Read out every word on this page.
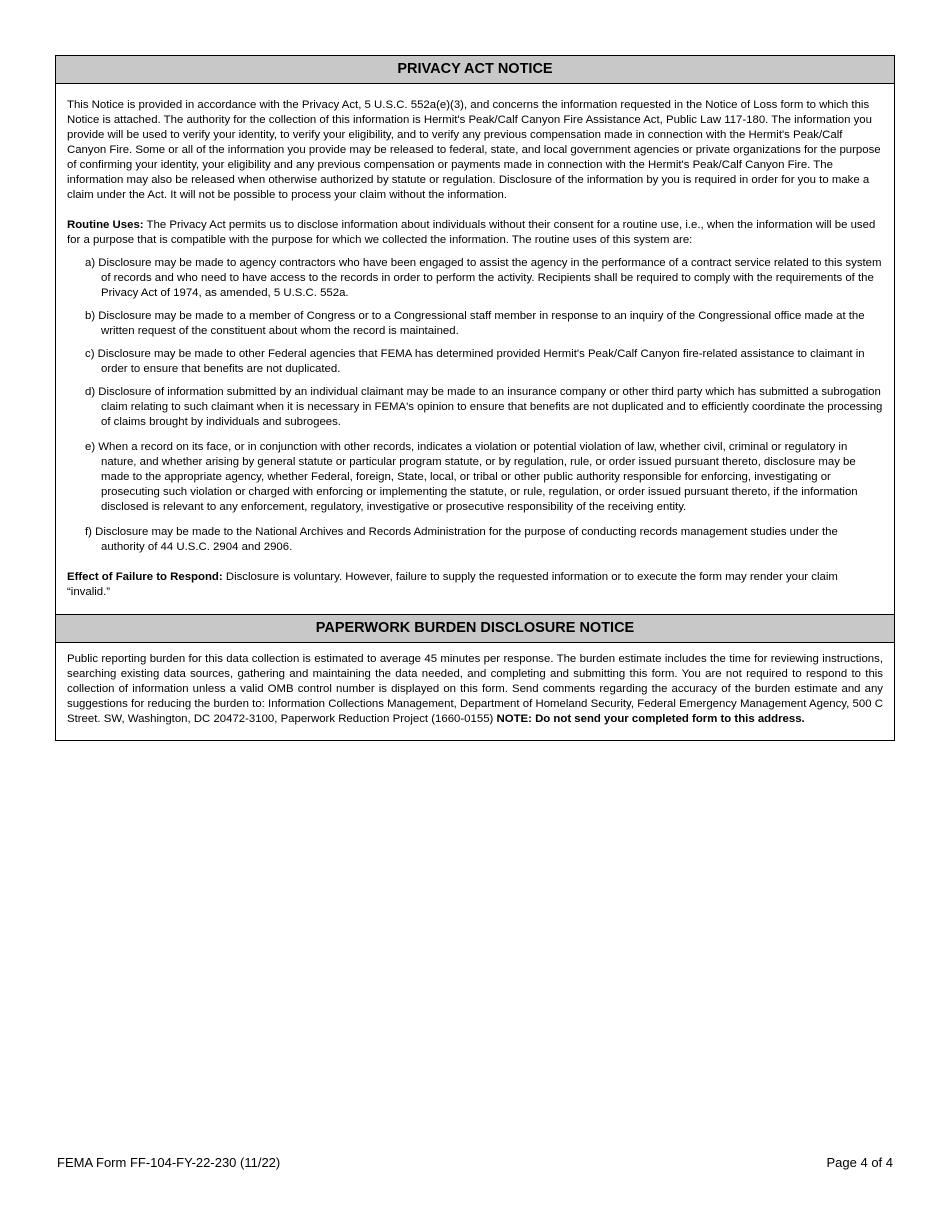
PRIVACY ACT NOTICE

This Notice is provided in accordance with the Privacy Act, 5 U.S.C. 552a(e)(3), and concerns the information requested in the Notice of Loss form to which this Notice is attached. The authority for the collection of this information is Hermit's Peak/Calf Canyon Fire Assistance Act, Public Law 117-180. The information you provide will be used to verify your identity, to verify your eligibility, and to verify any previous compensation made in connection with the Hermit's Peak/Calf Canyon Fire. Some or all of the information you provide may be released to federal, state, and local government agencies or private organizations for the purpose of confirming your identity, your eligibility and any previous compensation or payments made in connection with the Hermit's Peak/Calf Canyon Fire. The information may also be released when otherwise authorized by statute or regulation. Disclosure of the information by you is required in order for you to make a claim under the Act. It will not be possible to process your claim without the information.

Routine Uses: The Privacy Act permits us to disclose information about individuals without their consent for a routine use, i.e., when the information will be used for a purpose that is compatible with the purpose for which we collected the information. The routine uses of this system are:

a) Disclosure may be made to agency contractors who have been engaged to assist the agency in the performance of a contract service related to this system of records and who need to have access to the records in order to perform the activity. Recipients shall be required to comply with the requirements of the Privacy Act of 1974, as amended, 5 U.S.C. 552a.
b) Disclosure may be made to a member of Congress or to a Congressional staff member in response to an inquiry of the Congressional office made at the written request of the constituent about whom the record is maintained.
c) Disclosure may be made to other Federal agencies that FEMA has determined provided Hermit's Peak/Calf Canyon fire-related assistance to claimant in order to ensure that benefits are not duplicated.
d) Disclosure of information submitted by an individual claimant may be made to an insurance company or other third party which has submitted a subrogation claim relating to such claimant when it is necessary in FEMA's opinion to ensure that benefits are not duplicated and to efficiently coordinate the processing of claims brought by individuals and subrogees.
e) When a record on its face, or in conjunction with other records, indicates a violation or potential violation of law, whether civil, criminal or regulatory in nature, and whether arising by general statute or particular program statute, or by regulation, rule, or order issued pursuant thereto, disclosure may be made to the appropriate agency, whether Federal, foreign, State, local, or tribal or other public authority responsible for enforcing, investigating or prosecuting such violation or charged with enforcing or implementing the statute, or rule, regulation, or order issued pursuant thereto, if the information disclosed is relevant to any enforcement, regulatory, investigative or prosecutive responsibility of the receiving entity.
f) Disclosure may be made to the National Archives and Records Administration for the purpose of conducting records management studies under the authority of 44 U.S.C. 2904 and 2906.

Effect of Failure to Respond: Disclosure is voluntary. However, failure to supply the requested information or to execute the form may render your claim “invalid.”

PAPERWORK BURDEN DISCLOSURE NOTICE
Public reporting burden for this data collection is estimated to average 45 minutes per response. The burden estimate includes the time for reviewing instructions, searching existing data sources, gathering and maintaining the data needed, and completing and submitting this form. You are not required to respond to this collection of information unless a valid OMB control number is displayed on this form. Send comments regarding the accuracy of the burden estimate and any suggestions for reducing the burden to: Information Collections Management, Department of Homeland Security, Federal Emergency Management Agency, 500 C Street. SW, Washington, DC 20472-3100, Paperwork Reduction Project (1660-0155) NOTE: Do not send your completed form to this address.
FEMA Form FF-104-FY-22-230 (11/22)	Page 4 of 4
